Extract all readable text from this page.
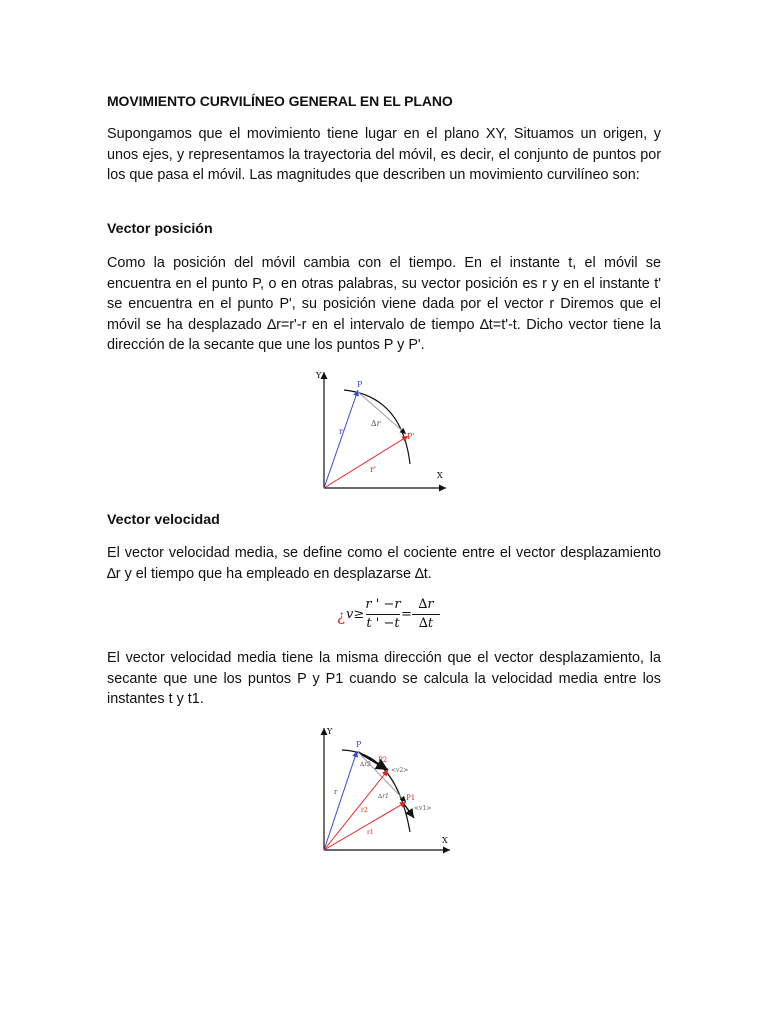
MOVIMIENTO CURVILÍNEO GENERAL EN EL PLANO

Supongamos que el movimiento tiene lugar en el plano XY, Situamos un origen, y unos ejes, y representamos la trayectoria del móvil, es decir, el conjunto de puntos por los que pasa el móvil. Las magnitudes que describen un movimiento curvilíneo son:

Vector posición

Como la posición del móvil cambia con el tiempo. En el instante t, el móvil se encuentra en el punto P, o en otras palabras, su vector posición es r y en el instante t' se encuentra en el punto P', su posición viene dada por el vector r Diremos que el móvil se ha desplazado ∆r=r'-r en el intervalo de tiempo ∆t=t'-t. Dicho vector tiene la dirección de la secante que une los puntos P y P'.

Y
X
P
P'
r
r'
∆r
Vector velocidad

El vector velocidad media, se define como el cociente entre el vector desplazamiento ∆r y el tiempo que ha empleado en desplazarse ∆t.

¿ v≥
r ' −r
t ' −t
=
∆r
∆t

El vector velocidad media tiene la misma dirección que el vector desplazamiento, la secante que une los puntos P y P1 cuando se calcula la velocidad media entre los instantes t y t1.

Y
X
P
P2
P1
∆r2
∆r1
<v2>
<v1>
r
r2
r1
